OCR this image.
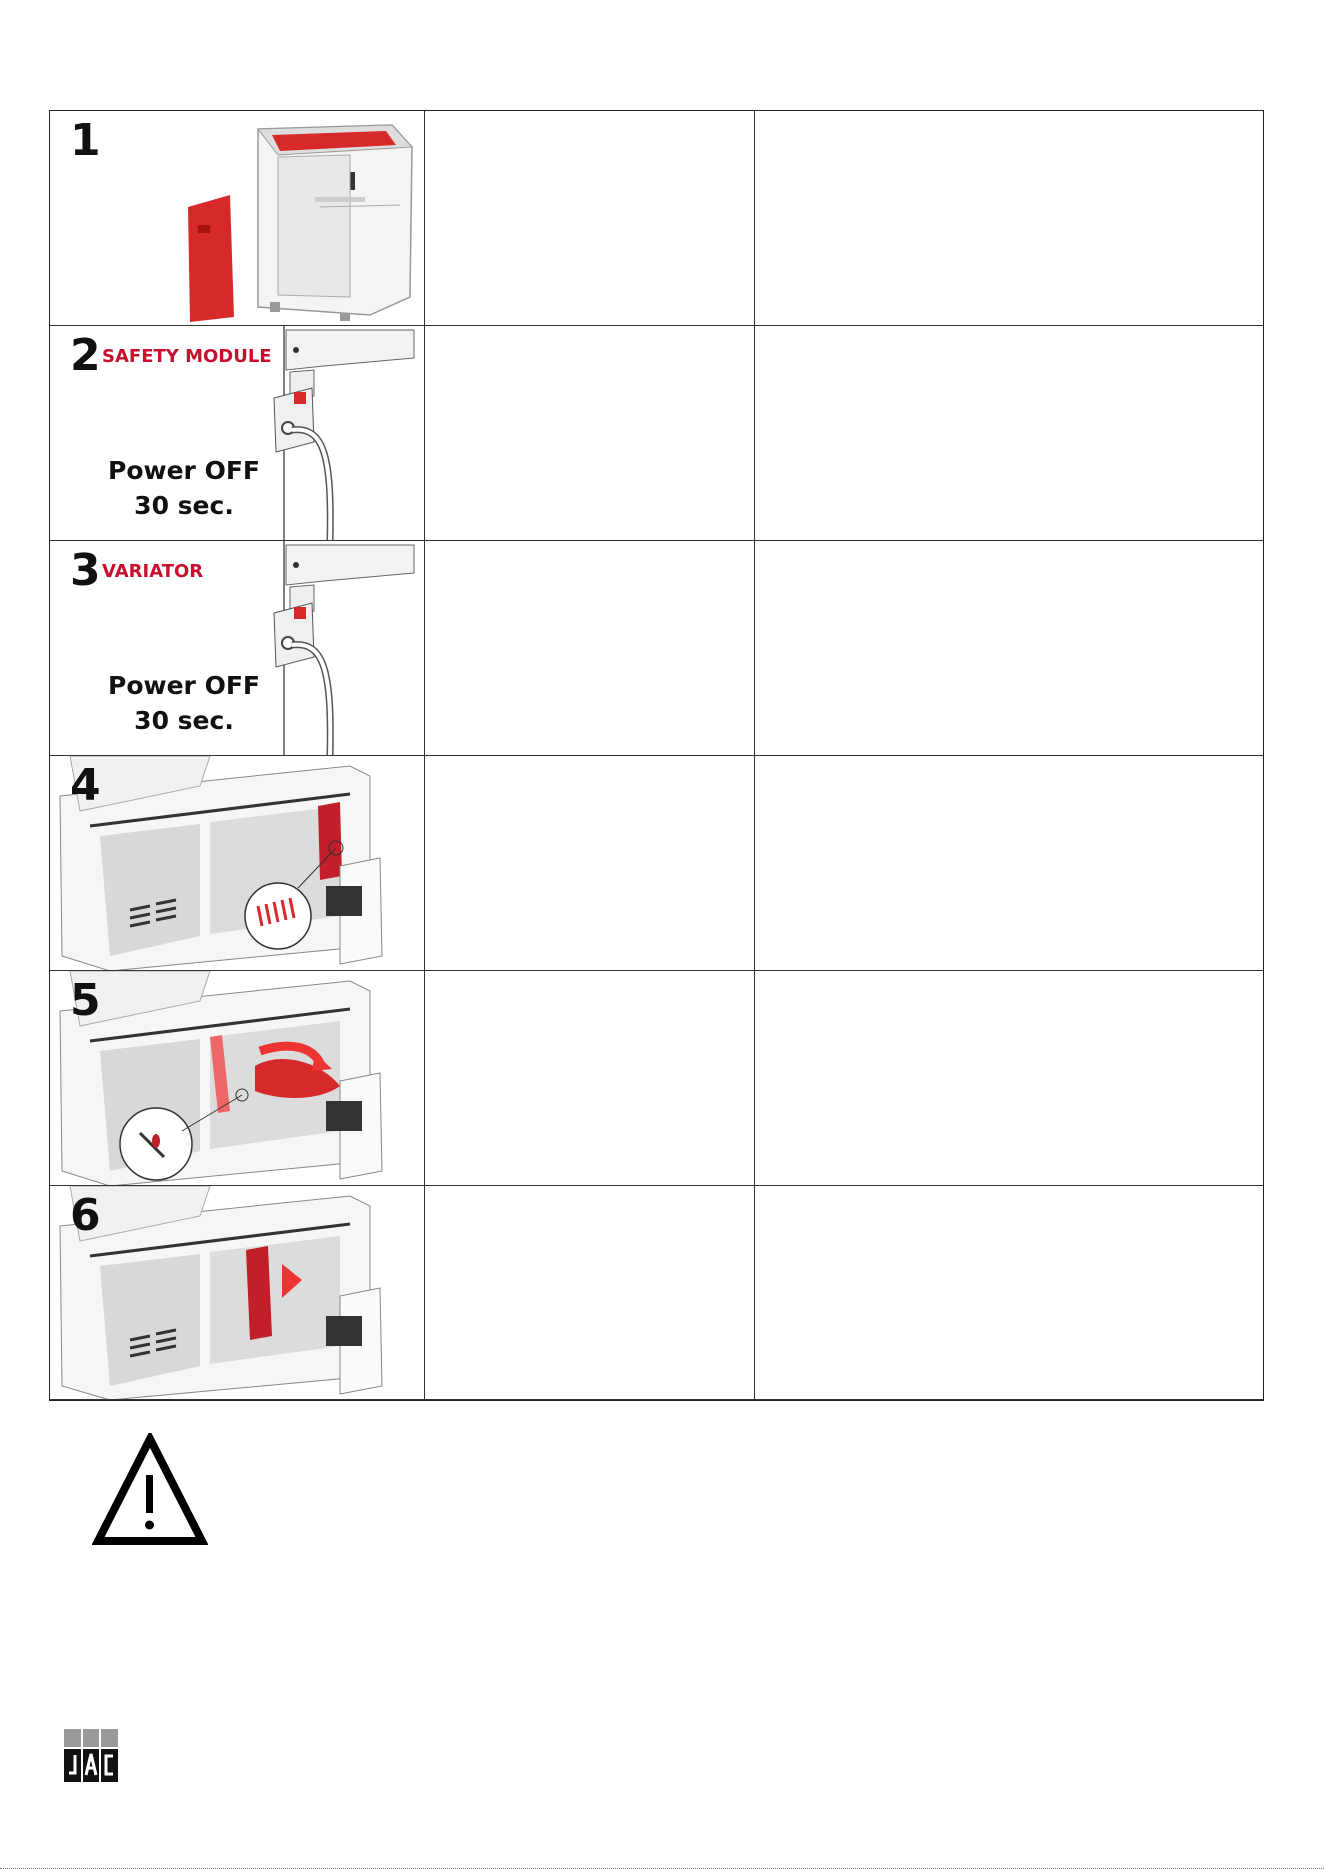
1
2 SAFETY MODULE
Power OFF
30 sec.
3 VARIATOR
Power OFF
30 sec.
4
5
6
